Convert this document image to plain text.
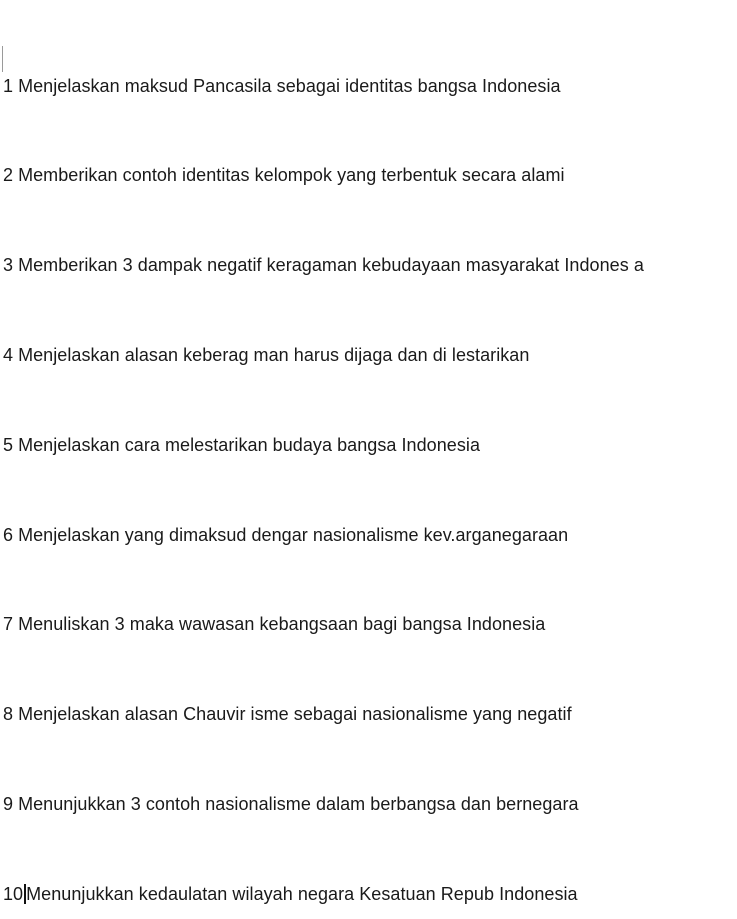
1 Menjelaskan maksud Pancasila sebagai identitas bangsa Indonesia
2 Memberikan contoh identitas kelompok yang terbentuk secara alami
3 Memberikan 3 dampak negatif keragaman kebudayaan masyarakat Indones a
4 Menjelaskan alasan keberag man harus dijaga dan di lestarikan
5 Menjelaskan cara melestarikan budaya bangsa Indonesia
6 Menjelaskan yang dimaksud dengar nasionalisme kev.arganegaraan
7 Menuliskan 3 maka wawasan kebangsaan bagi bangsa Indonesia
8 Menjelaskan alasan Chauvir isme sebagai nasionalisme yang negatif
9 Menunjukkan 3 contoh nasionalisme dalam berbangsa dan bernegara
10 Menunjukkan kedaulatan wilayah negara Kesatuan Repub Indonesia
